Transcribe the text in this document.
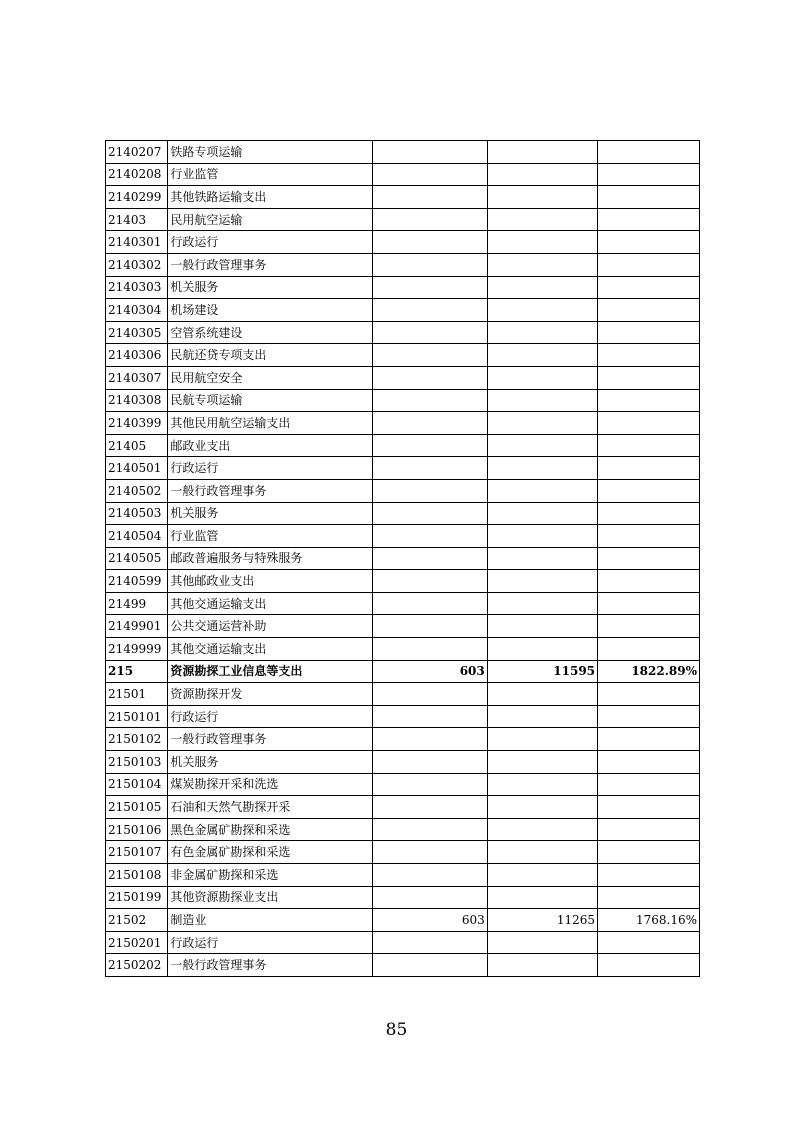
2140207	铁路专项运输			
2140208	行业监管			
2140299	其他铁路运输支出			
21403	民用航空运输			
2140301	行政运行			
2140302	一般行政管理事务			
2140303	机关服务			
2140304	机场建设			
2140305	空管系统建设			
2140306	民航还贷专项支出			
2140307	民用航空安全			
2140308	民航专项运输			
2140399	其他民用航空运输支出			
21405	邮政业支出			
2140501	行政运行			
2140502	一般行政管理事务			
2140503	机关服务			
2140504	行业监管			
2140505	邮政普遍服务与特殊服务			
2140599	其他邮政业支出			
21499	其他交通运输支出			
2149901	公共交通运营补助			
2149999	其他交通运输支出			
215	资源勘探工业信息等支出	603	11595	1822.89%
21501	资源勘探开发			
2150101	行政运行			
2150102	一般行政管理事务			
2150103	机关服务			
2150104	煤炭勘探开采和洗选			
2150105	石油和天然气勘探开采			
2150106	黑色金属矿勘探和采选			
2150107	有色金属矿勘探和采选			
2150108	非金属矿勘探和采选			
2150199	其他资源勘探业支出			
21502	制造业	603	11265	1768.16%
2150201	行政运行			
2150202	一般行政管理事务			
85
